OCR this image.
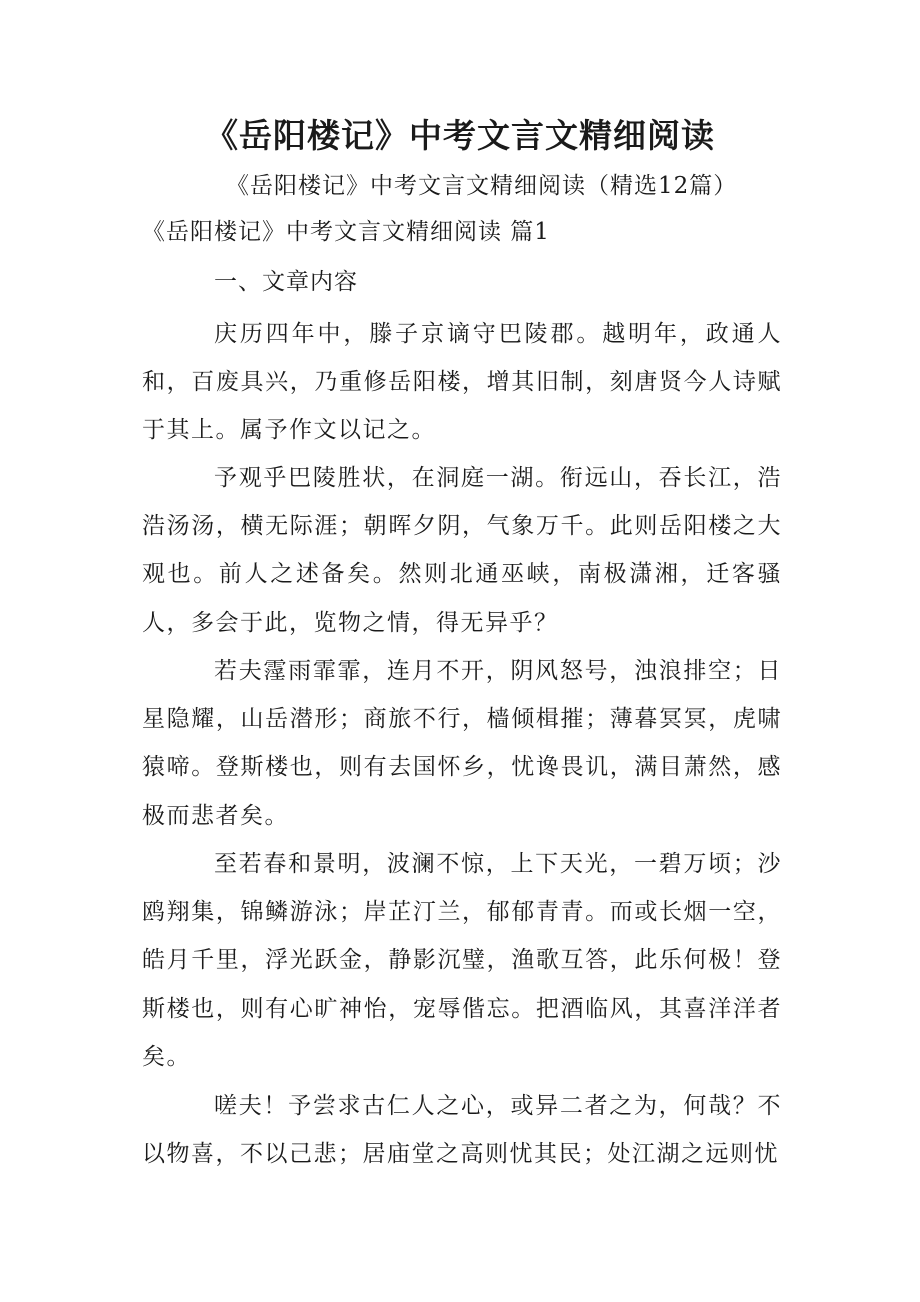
《岳阳楼记》中考文言文精细阅读

《岳阳楼记》中考文言文精细阅读（精选12篇）

《岳阳楼记》中考文言文精细阅读 篇1

一、文章内容

庆历四年中，滕子京谪守巴陵郡。越明年，政通人和，百废具兴，乃重修岳阳楼，增其旧制，刻唐贤今人诗赋于其上。属予作文以记之。

予观乎巴陵胜状，在洞庭一湖。衔远山，吞长江，浩浩汤汤，横无际涯；朝晖夕阴，气象万千。此则岳阳楼之大观也。前人之述备矣。然则北通巫峡，南极潇湘，迁客骚人，多会于此，览物之情，得无异乎？

若夫霪雨霏霏，连月不开，阴风怒号，浊浪排空；日星隐耀，山岳潜形；商旅不行，樯倾楫摧；薄暮冥冥，虎啸猿啼。登斯楼也，则有去国怀乡，忧谗畏讥，满目萧然，感极而悲者矣。

至若春和景明，波澜不惊，上下天光，一碧万顷；沙鸥翔集，锦鳞游泳；岸芷汀兰，郁郁青青。而或长烟一空，皓月千里，浮光跃金，静影沉璧，渔歌互答，此乐何极！登斯楼也，则有心旷神怡，宠辱偕忘。把酒临风，其喜洋洋者矣。

嗟夫！予尝求古仁人之心，或异二者之为，何哉？不以物喜，不以己悲；居庙堂之高则忧其民；处江湖之远则忧
